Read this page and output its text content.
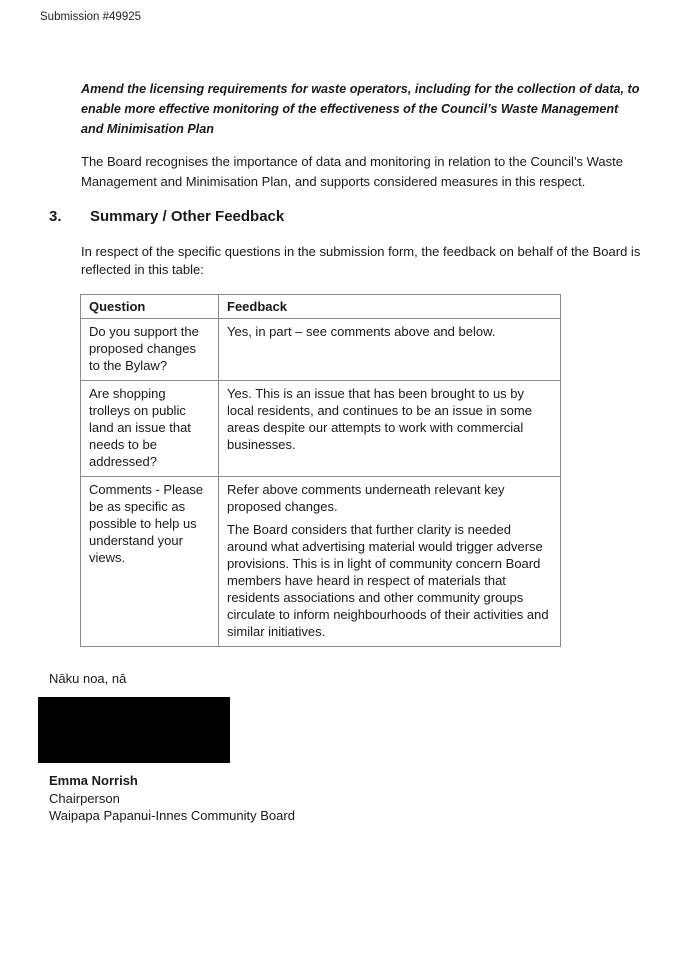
Submission #49925
Amend the licensing requirements for waste operators, including for the collection of data, to enable more effective monitoring of the effectiveness of the Council’s Waste Management and Minimisation Plan
The Board recognises the importance of data and monitoring in relation to the Council’s Waste Management and Minimisation Plan, and supports considered measures in this respect.
3. Summary / Other Feedback
In respect of the specific questions in the submission form, the feedback on behalf of the Board is reflected in this table:
Question	Feedback
Do you support the proposed changes to the Bylaw?	Yes, in part – see comments above and below.

Are shopping trolleys on public land an issue that needs to be addressed?	Yes. This is an issue that has been brought to us by local residents, and continues to be an issue in some areas despite our attempts to work with commercial businesses.

Comments - Please be as specific as possible to help us understand your views.	Refer above comments underneath relevant key proposed changes.

The Board considers that further clarity is needed around what advertising material would trigger adverse provisions. This is in light of community concern Board members have heard in respect of materials that residents associations and other community groups circulate to inform neighbourhoods of their activities and similar initiatives.

Nāku noa, nā
Emma Norrish
Chairperson
Waipapa Papanui-Innes Community Board
